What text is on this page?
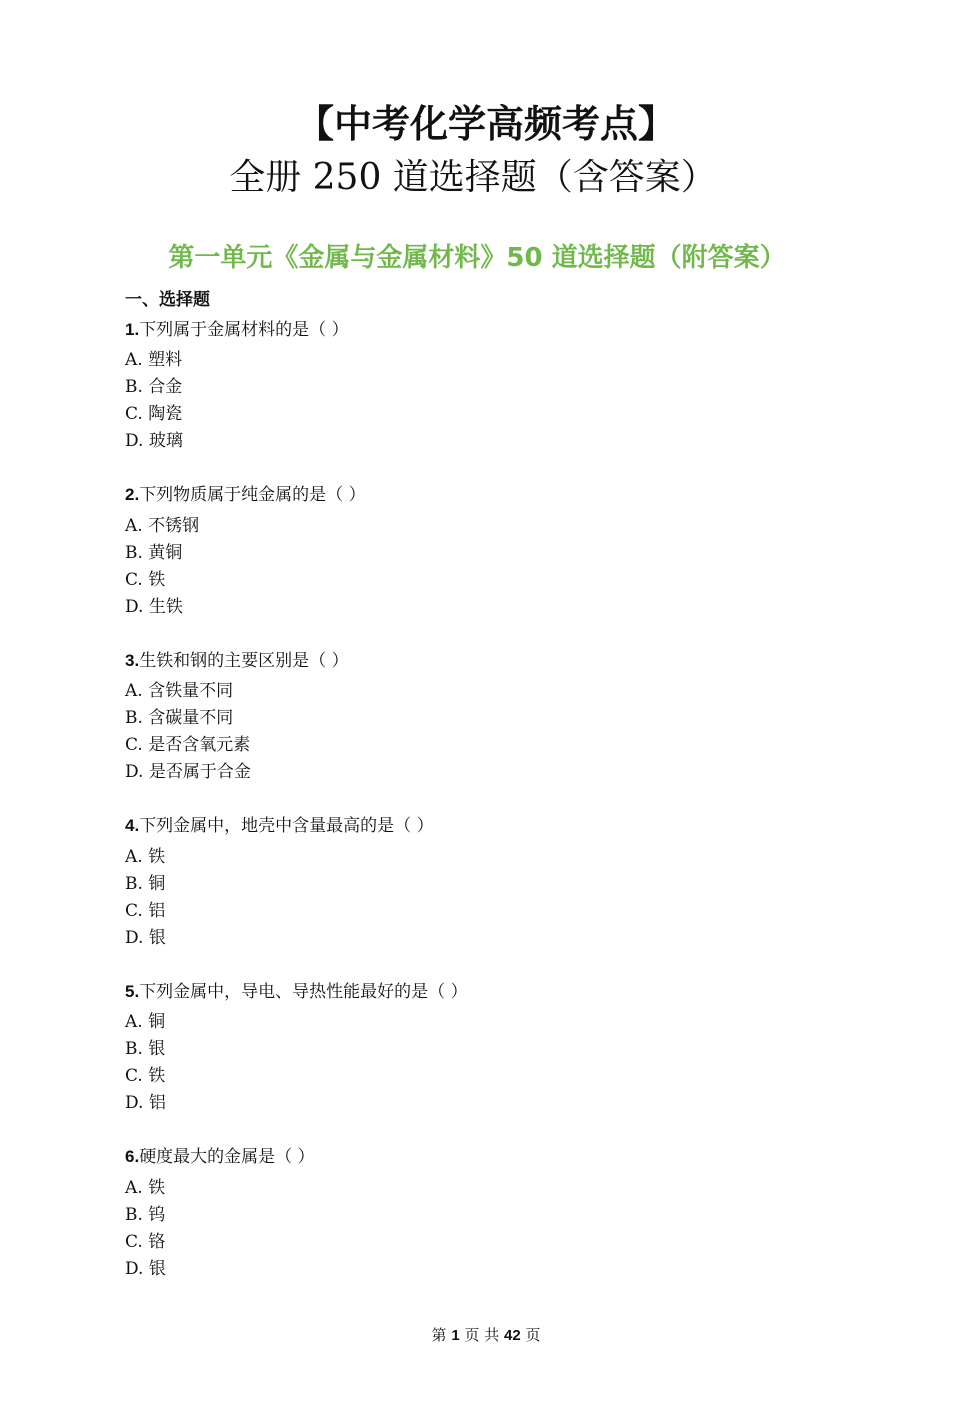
【中考化学高频考点】
全册 250 道选择题（含答案）
第一单元《金属与金属材料》50 道选择题（附答案）
一、选择题
1.下列属于金属材料的是（ ）
A. 塑料
B. 合金
C. 陶瓷
D. 玻璃
2.下列物质属于纯金属的是（ ）
A. 不锈钢
B. 黄铜
C. 铁
D. 生铁
3.生铁和钢的主要区别是（ ）
A. 含铁量不同
B. 含碳量不同
C. 是否含氧元素
D. 是否属于合金
4.下列金属中，地壳中含量最高的是（ ）
A. 铁
B. 铜
C. 铝
D. 银
5.下列金属中，导电、导热性能最好的是（ ）
A. 铜
B. 银
C. 铁
D. 铝
6.硬度最大的金属是（ ）
A. 铁
B. 钨
C. 铬
D. 银
第 1 页 共 42 页
